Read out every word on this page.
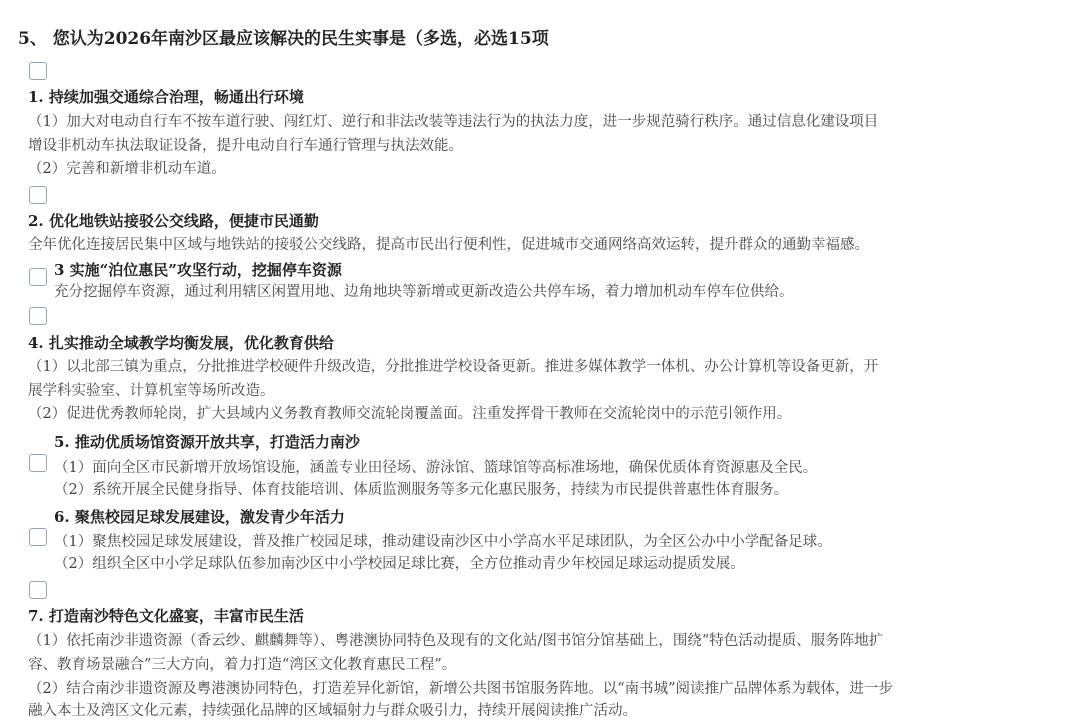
5、 您认为2026年南沙区最应该解决的民生实事是（多选，必选15项
1. 持续加强交通综合治理，畅通出行环境
（1）加大对电动自行车不按车道行驶、闯红灯、逆行和非法改装等违法行为的执法力度，进一步规范骑行秩序。通过信息化建设项目
增设非机动车执法取证设备，提升电动自行车通行管理与执法效能。
（2）完善和新增非机动车道。
2. 优化地铁站接驳公交线路，便捷市民通勤
全年优化连接居民集中区域与地铁站的接驳公交线路，提高市民出行便利性，促进城市交通网络高效运转，提升群众的通勤幸福感。
3 实施“泊位惠民”攻坚行动，挖掘停车资源
充分挖掘停车资源，通过利用辖区闲置用地、边角地块等新增或更新改造公共停车场，着力增加机动车停车位供给。
4. 扎实推动全域教学均衡发展，优化教育供给
（1）以北部三镇为重点，分批推进学校硬件升级改造，分批推进学校设备更新。推进多媒体教学一体机、办公计算机等设备更新，开
展学科实验室、计算机室等场所改造。
（2）促进优秀教师轮岗，扩大县域内义务教育教师交流轮岗覆盖面。注重发挥骨干教师在交流轮岗中的示范引领作用。
5. 推动优质场馆资源开放共享，打造活力南沙
（1）面向全区市民新增开放场馆设施，涵盖专业田径场、游泳馆、篮球馆等高标准场地，确保优质体育资源惠及全民。
（2）系统开展全民健身指导、体育技能培训、体质监测服务等多元化惠民服务，持续为市民提供普惠性体育服务。
6. 聚焦校园足球发展建设，激发青少年活力
（1）聚焦校园足球发展建设，普及推广校园足球，推动建设南沙区中小学高水平足球团队，为全区公办中小学配备足球。
（2）组织全区中小学足球队伍参加南沙区中小学校园足球比赛，全方位推动青少年校园足球运动提质发展。
7. 打造南沙特色文化盛宴，丰富市民生活
（1）依托南沙非遗资源（香云纱、麒麟舞等）、粤港澳协同特色及现有的文化站/图书馆分馆基础上，围绕“特色活动提质、服务阵地扩
容、教育场景融合”三大方向，着力打造“湾区文化教育惠民工程”。
（2）结合南沙非遗资源及粤港澳协同特色，打造差异化新馆，新增公共图书馆服务阵地。以“南书城”阅读推广品牌体系为载体，进一步
融入本土及湾区文化元素，持续强化品牌的区域辐射力与群众吸引力，持续开展阅读推广活动。
